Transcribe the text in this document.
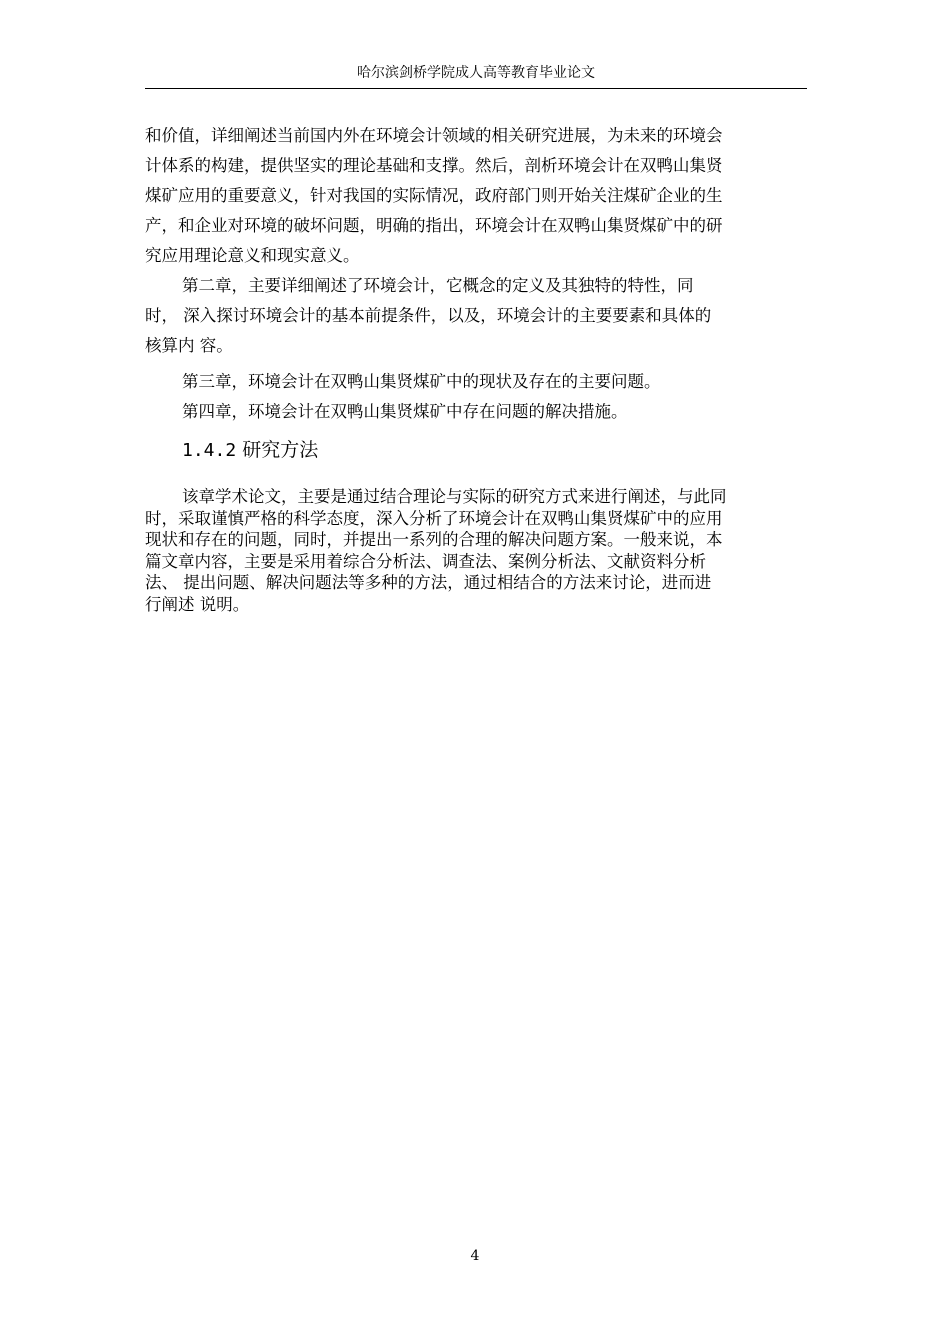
哈尔滨剑桥学院成人高等教育毕业论文
和价值，详细阐述当前国内外在环境会计领域的相关研究进展，为未来的环境会
计体系的构建，提供坚实的理论基础和支撑。然后，剖析环境会计在双鸭山集贤
煤矿应用的重要意义，针对我国的实际情况，政府部门则开始关注煤矿企业的生
产，和企业对环境的破坏问题，明确的指出，环境会计在双鸭山集贤煤矿中的研
究应用理论意义和现实意义。
第二章，主要详细阐述了环境会计，它概念的定义及其独特的特性，同
时， 深入探讨环境会计的基本前提条件，以及，环境会计的主要要素和具体的
核算内 容。
第三章，环境会计在双鸭山集贤煤矿中的现状及存在的主要问题。
第四章，环境会计在双鸭山集贤煤矿中存在问题的解决措施。
1.4.2 研究方法
该章学术论文，主要是通过结合理论与实际的研究方式来进行阐述，与此同
时，采取谨慎严格的科学态度，深入分析了环境会计在双鸭山集贤煤矿中的应用
现状和存在的问题，同时，并提出一系列的合理的解决问题方案。一般来说，本
篇文章内容，主要是采用着综合分析法、调查法、案例分析法、文献资料分析
法、 提出问题、解决问题法等多种的方法，通过相结合的方法来讨论，进而进
行阐述 说明。
4
